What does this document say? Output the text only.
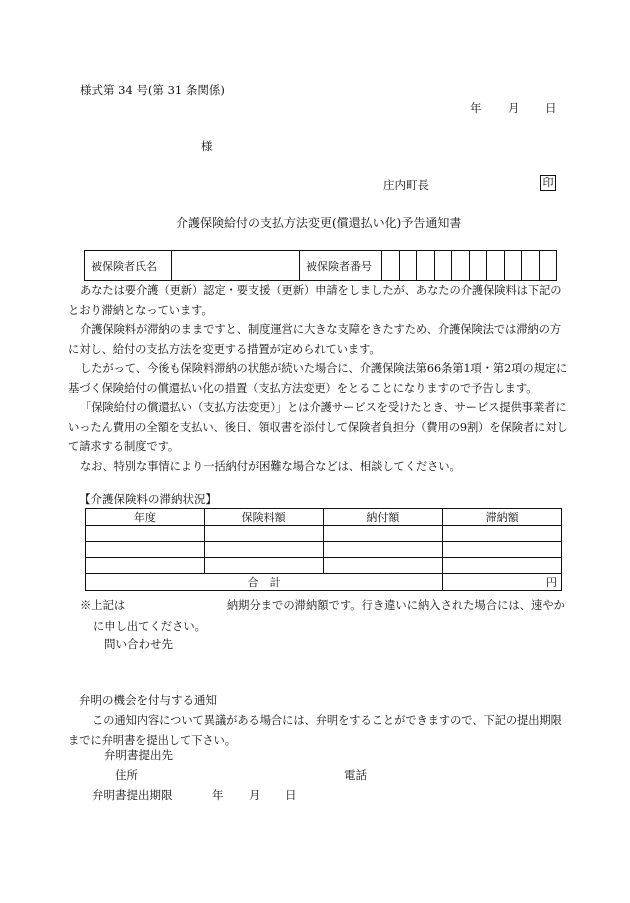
様式第 34 号(第 31 条関係)
年 月 日
様
庄内町長	印
介護保険給付の支払方法変更(償還払い化)予告通知書
被保険者氏名		被保険者番号										

あなたは要介護（更新）認定・要支援（更新）申請をしましたが、あなたの介護保険料は下記のとおり滞納となっています。

介護保険料が滞納のままですと、制度運営に大きな支障をきたすため、介護保険法では滞納の方に対し、給付の支払方法を変更する措置が定められています。

したがって、今後も保険料滞納の状態が続いた場合に、介護保険法第66条第1項・第2項の規定に基づく保険給付の償還払い化の措置（支払方法変更）をとることになりますので予告します。

「保険給付の償還払い（支払方法変更）」とは介護サービスを受けたとき、サービス提供事業者にいったん費用の全額を支払い、後日、領収書を添付して保険者負担分（費用の9割）を保険者に対して請求する制度です。

なお、特別な事情により一括納付が困難な場合などは、相談してください。

【介護保険料の滞納状況】
年度	保険料額	納付額	滞納額

合　計			円
※上記は　　　　　　　　　納期分までの滞納額です。行き違いに納入された場合には、速やかに申し出てください。
問い合わせ先
弁明の機会を付与する通知

この通知内容について異議がある場合には、弁明をすることができますので、下記の提出期限までに弁明書を提出して下さい。

弁明書提出先
住所	電話
弁明書提出期限	年 月 日
